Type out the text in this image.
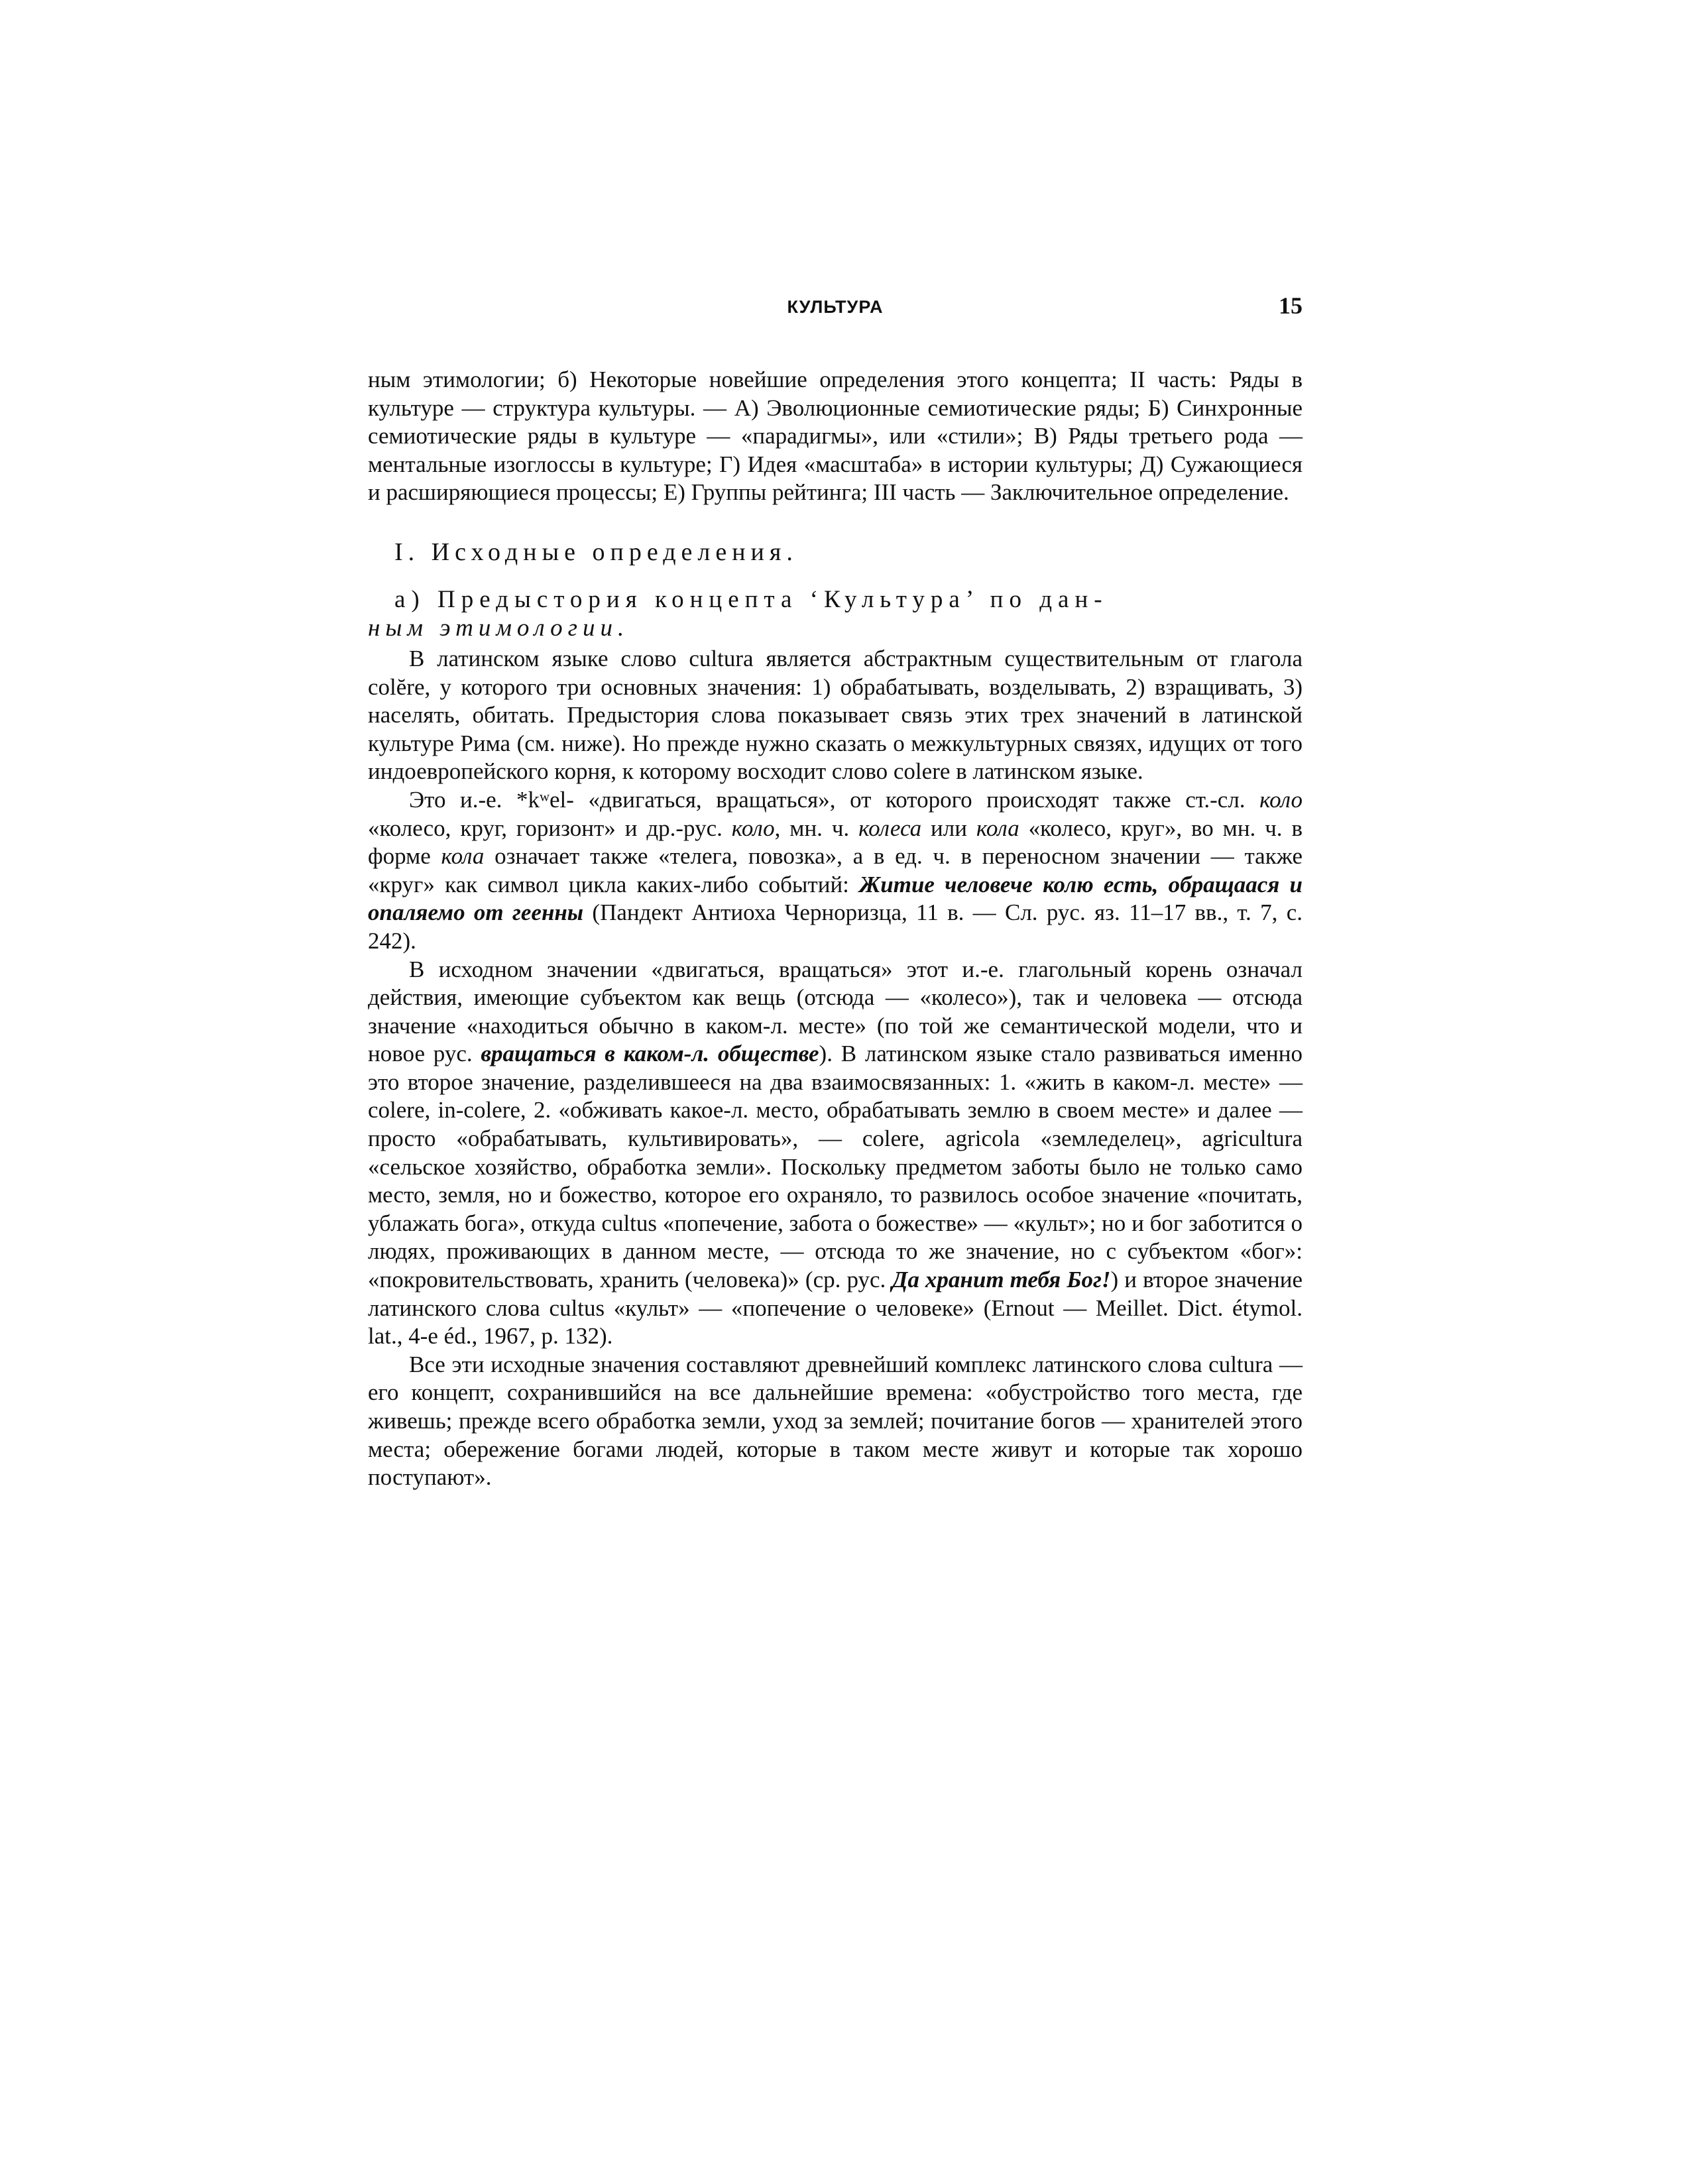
КУЛЬТУРА	15

ным этимологии; б) Некоторые новейшие определения этого концепта; II часть: Ряды в культуре — структура культуры. — А) Эволюционные семиотические ряды; Б) Синхронные семиотические ряды в культуре — «парадигмы», или «стили»; В) Ряды третьего рода — ментальные изоглоссы в культуре; Г) Идея «масштаба» в истории культуры; Д) Сужающиеся и расширяющиеся процессы; Е) Группы рейтинга; III часть — Заключительное определение.

I. Исходные определения.
а) Предыстория концепта ‘Культура’ по дан-
ным этимологии.

В латинском языке слово cultura является абстрактным существительным от глагола colĕre, у которого три основных значения: 1) обрабатывать, возделывать, 2) взращивать, 3) населять, обитать. Предыстория слова показывает связь этих трех значений в латинской культуре Рима (см. ниже). Но прежде нужно сказать о межкультурных связях, идущих от того индоевропейского корня, к которому восходит слово colere в латинском языке.

Это и.-е. *kʷel- «двигаться, вращаться», от которого происходят также ст.-сл. коло «колесо, круг, горизонт» и др.-рус. коло, мн. ч. колеса или кола «колесо, круг», во мн. ч. в форме кола означает также «телега, повозка», а в ед. ч. в переносном значении — также «круг» как символ цикла каких-либо событий: Житие человече колю есть, обращаася и опаляемо от геенны (Пандект Антиоха Черноризца, 11 в. — Сл. рус. яз. 11–17 вв., т. 7, с. 242).

В исходном значении «двигаться, вращаться» этот и.-е. глагольный корень означал действия, имеющие субъектом как вещь (отсюда — «колесо»), так и человека — отсюда значение «находиться обычно в каком-л. месте» (по той же семантической модели, что и новое рус. вращаться в каком-л. обществе). В латинском языке стало развиваться именно это второе значение, разделившееся на два взаимосвязанных: 1. «жить в каком-л. месте» — colere, in-colere, 2. «обживать какое-л. место, обрабатывать землю в своем месте» и далее — просто «обрабатывать, культивировать», — colere, agricola «земледелец», agricultura «сельское хозяйство, обработка земли». Поскольку предметом заботы было не только само место, земля, но и божество, которое его охраняло, то развилось особое значение «почитать, ублажать бога», откуда cultus «попечение, забота о божестве» — «культ»; но и бог заботится о людях, проживающих в данном месте, — отсюда то же значение, но с субъектом «бог»: «покровительствовать, хранить (человека)» (ср. рус. Да хранит тебя Бог!) и второе значение латинского слова cultus «культ» — «попечение о человеке» (Ernout — Meillet. Dict. étymol. lat., 4-e éd., 1967, p. 132).

Все эти исходные значения составляют древнейший комплекс латинского слова cultura — его концепт, сохранившийся на все дальнейшие времена: «обустройство того места, где живешь; прежде всего обработка земли, уход за землей; почитание богов — хранителей этого места; обережение богами людей, которые в таком месте живут и которые так хорошо поступают».
